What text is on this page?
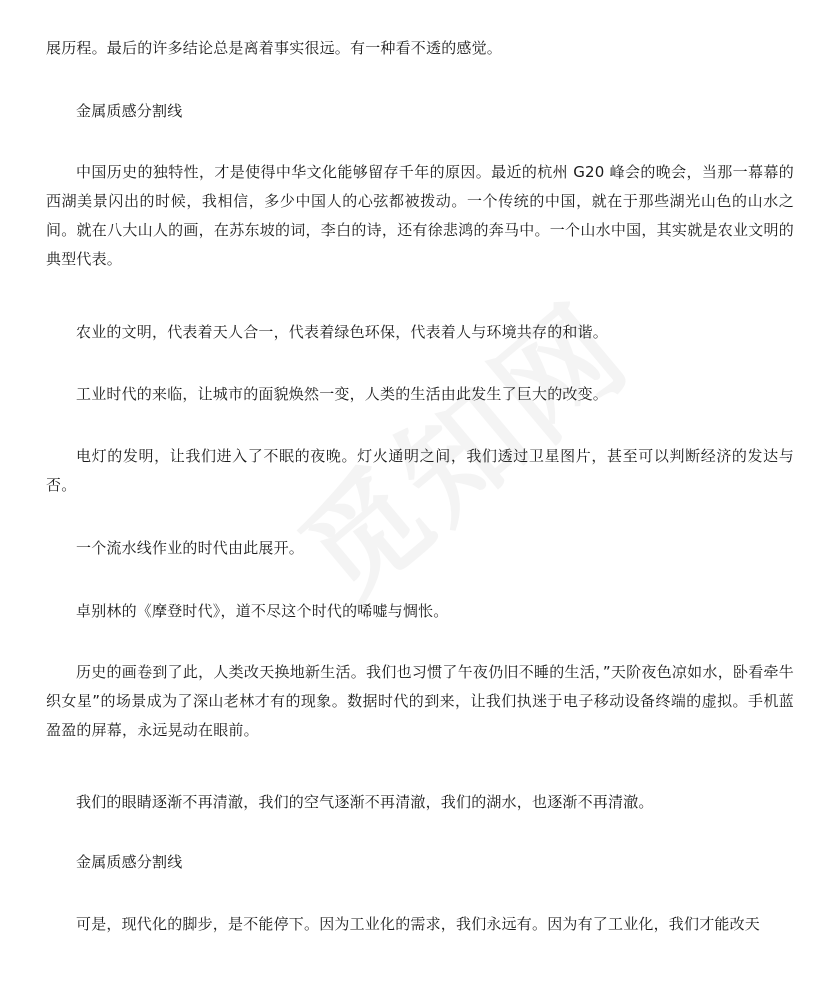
展历程。最后的许多结论总是离着事实很远。有一种看不透的感觉。

金属质感分割线

中国历史的独特性，才是使得中华文化能够留存千年的原因。最近的杭州 G20 峰会的晚会，当那一幕幕的西湖美景闪出的时候，我相信，多少中国人的心弦都被拨动。一个传统的中国，就在于那些湖光山色的山水之间。就在八大山人的画，在苏东坡的词，李白的诗，还有徐悲鸿的奔马中。一个山水中国，其实就是农业文明的典型代表。

农业的文明，代表着天人合一，代表着绿色环保，代表着人与环境共存的和谐。

工业时代的来临，让城市的面貌焕然一变，人类的生活由此发生了巨大的改变。

电灯的发明，让我们进入了不眠的夜晚。灯火通明之间，我们透过卫星图片，甚至可以判断经济的发达与否。

一个流水线作业的时代由此展开。

卓别林的《摩登时代》，道不尽这个时代的唏嘘与惆怅。

历史的画卷到了此，人类改天换地新生活。我们也习惯了午夜仍旧不睡的生活，”天阶夜色凉如水，卧看牵牛织女星”的场景成为了深山老林才有的现象。数据时代的到来，让我们执迷于电子移动设备终端的虚拟。手机蓝盈盈的屏幕，永远晃动在眼前。

我们的眼睛逐渐不再清澈，我们的空气逐渐不再清澈，我们的湖水，也逐渐不再清澈。

金属质感分割线

可是，现代化的脚步，是不能停下。因为工业化的需求，我们永远有。因为有了工业化，我们才能改天
